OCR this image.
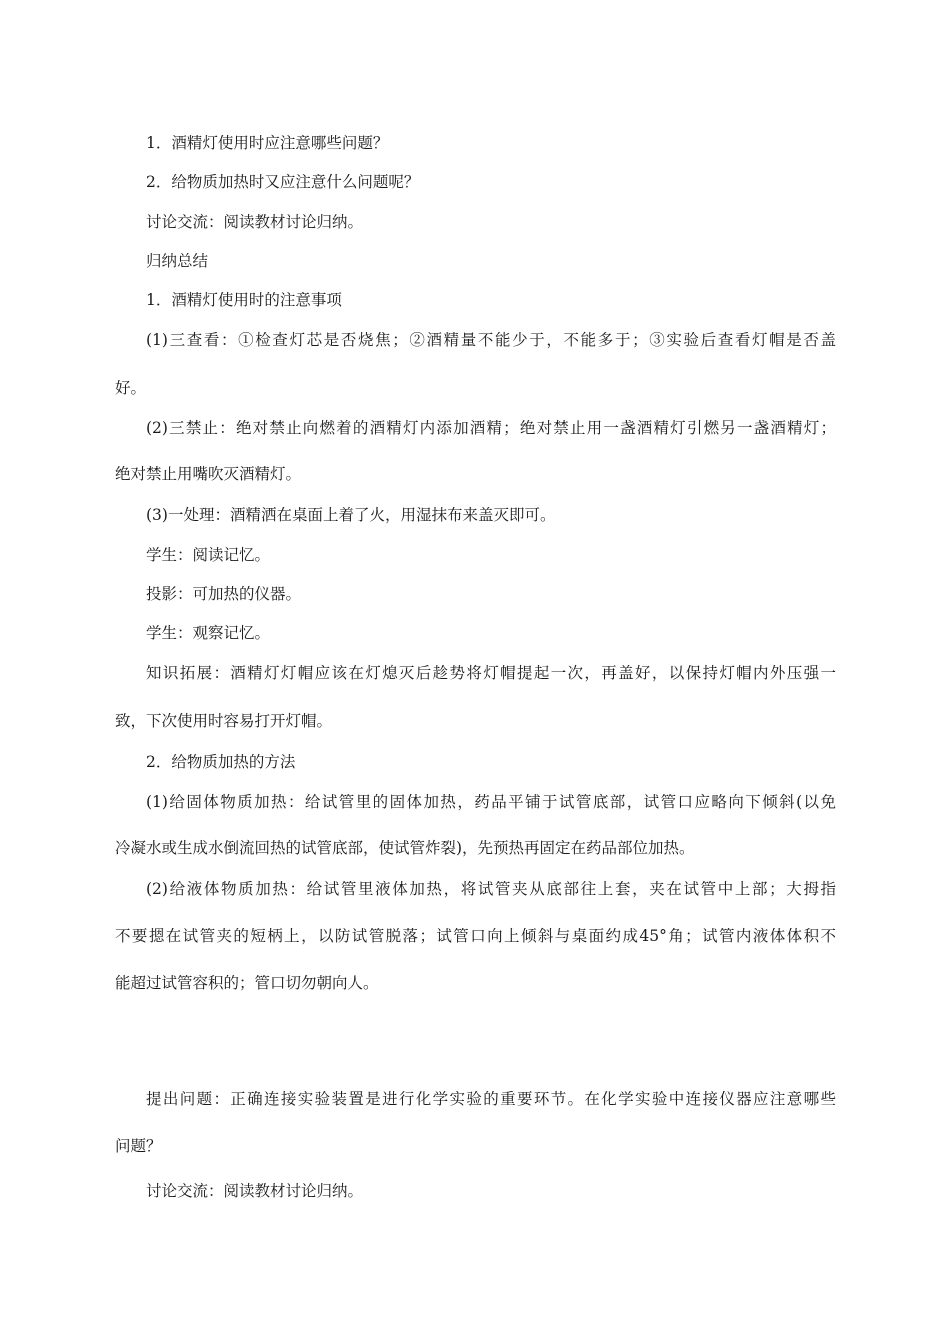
1．酒精灯使用时应注意哪些问题？
2．给物质加热时又应注意什么问题呢？
讨论交流：阅读教材讨论归纳。
归纳总结
1．酒精灯使用时的注意事项
(1)三查看：①检查灯芯是否烧焦；②酒精量不能少于，不能多于；③实验后查看灯帽是否盖
好。
(2)三禁止：绝对禁止向燃着的酒精灯内添加酒精；绝对禁止用一盏酒精灯引燃另一盏酒精灯；
绝对禁止用嘴吹灭酒精灯。
(3)一处理：酒精洒在桌面上着了火，用湿抹布来盖灭即可。
学生：阅读记忆。
投影：可加热的仪器。
学生：观察记忆。
知识拓展：酒精灯灯帽应该在灯熄灭后趁势将灯帽提起一次，再盖好，以保持灯帽内外压强一
致，下次使用时容易打开灯帽。
2．给物质加热的方法
(1)给固体物质加热：给试管里的固体加热，药品平铺于试管底部，试管口应略向下倾斜(以免
冷凝水或生成水倒流回热的试管底部，使试管炸裂)，先预热再固定在药品部位加热。
(2)给液体物质加热：给试管里液体加热，将试管夹从底部往上套，夹在试管中上部；大拇指
不要摁在试管夹的短柄上，以防试管脱落；试管口向上倾斜与桌面约成45°角；试管内液体体积不
能超过试管容积的；管口切勿朝向人。
提出问题：正确连接实验装置是进行化学实验的重要环节。在化学实验中连接仪器应注意哪些
问题？
讨论交流：阅读教材讨论归纳。
